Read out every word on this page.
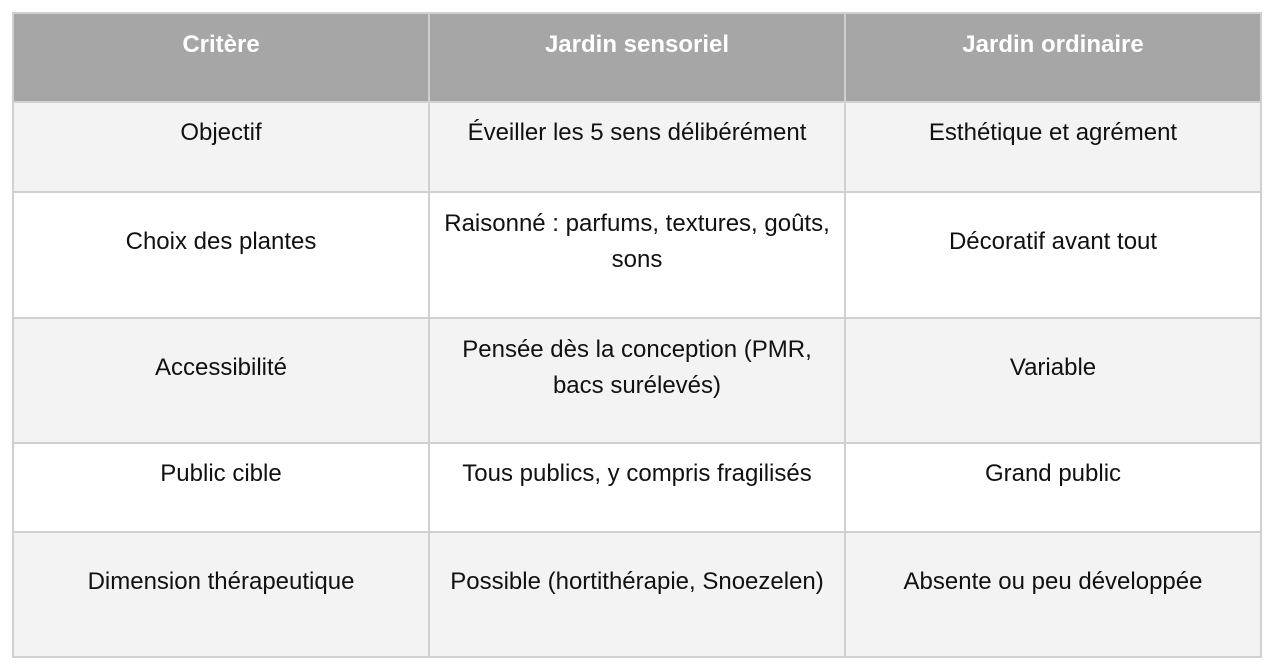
Critère	Jardin sensoriel	Jardin ordinaire
Objectif	Éveiller les 5 sens délibérément	Esthétique et agrément
Choix des plantes	Raisonné : parfums, textures, goûts, sons	Décoratif avant tout
Accessibilité	Pensée dès la conception (PMR, bacs surélevés)	Variable
Public cible	Tous publics, y compris fragilisés	Grand public
Dimension thérapeutique	Possible (hortithérapie, Snoezelen)	Absente ou peu développée
